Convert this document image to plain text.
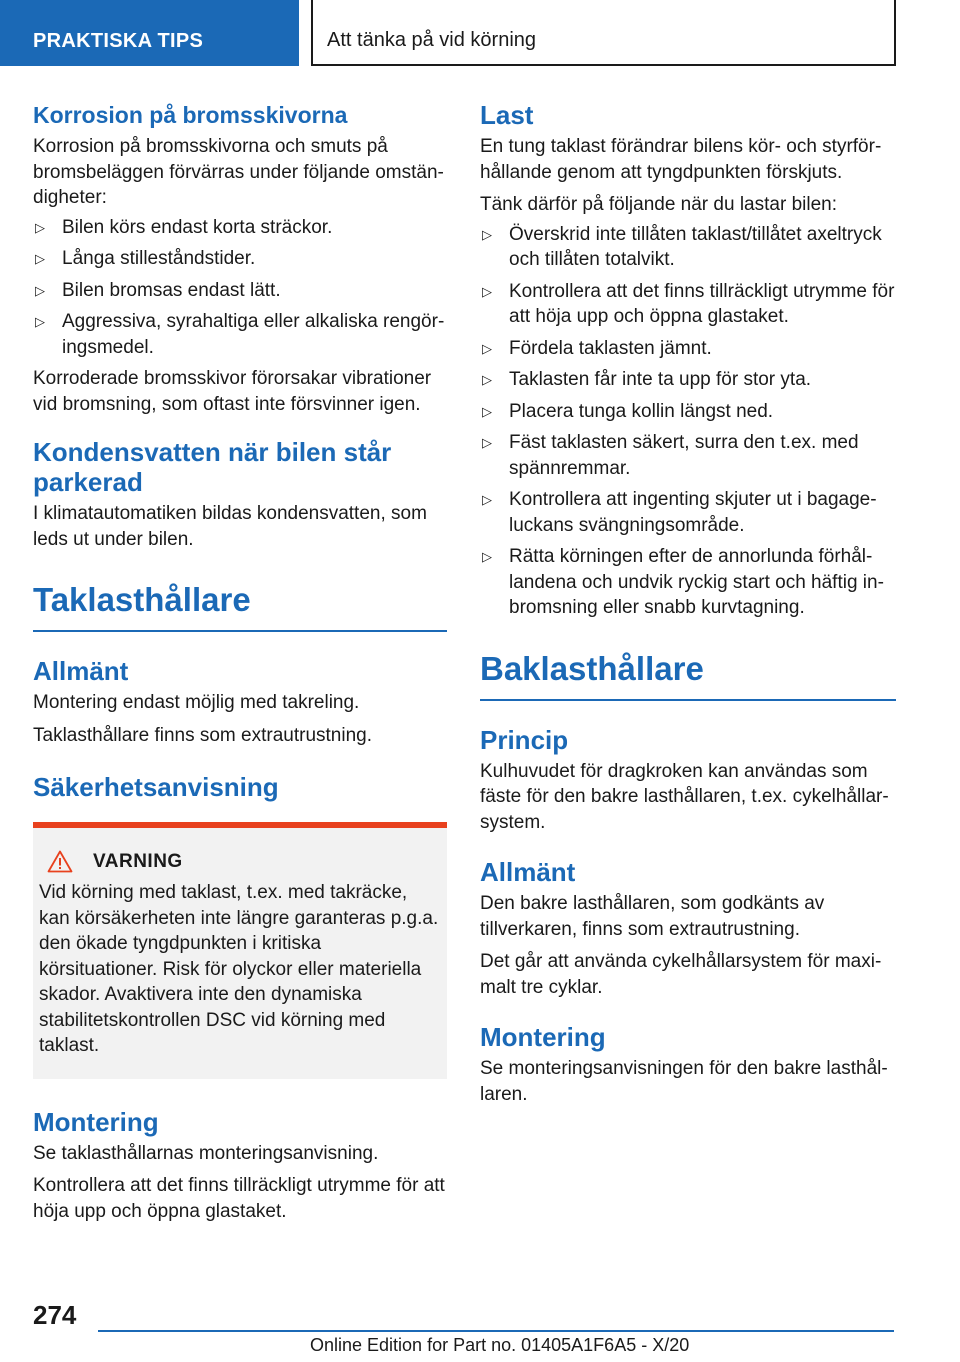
PRAKTISKA TIPS	Att tänka på vid körning
Korrosion på bromsskivorna

Korrosion på bromsskivorna och smuts på bromsbeläggen förvärras under följande omständigheter:

▷ Bilen körs endast korta sträckor.
▷ Långa stilleståndstider.
▷ Bilen bromsas endast lätt.
▷ Aggressiva, syrahaltiga eller alkaliska rengöringsmedel.

Korroderade bromsskivor förorsakar vibrationer vid bromsning, som oftast inte försvinner igen.

Kondensvatten när bilen står parkerad

I klimatautomatiken bildas kondensvatten, som leds ut under bilen.

Taklasthållare
Allmänt

Montering endast möjlig med takreling.

Taklasthållare finns som extrautrustning.

Säkerhetsanvisning
VARNING

Vid körning med taklast, t.ex. med takräcke, kan körsäkerheten inte längre garanteras p.g.a. den ökade tyngdpunkten i kritiska körsituationer. Risk för olyckor eller materiella skador. Avaktivera inte den dynamiska stabilitetskontrollen DSC vid körning med taklast.

Montering

Se taklasthållarnas monteringsanvisning.

Kontrollera att det finns tillräckligt utrymme för att höja upp och öppna glastaket.

Last

En tung taklast förändrar bilens kör- och styrförhållande genom att tyngdpunkten förskjuts.

Tänk därför på följande när du lastar bilen:

▷ Överskrid inte tillåten taklast/tillåtet axeltryck och tillåten totalvikt.
▷ Kontrollera att det finns tillräckligt utrymme för att höja upp och öppna glastaket.
▷ Fördela taklasten jämnt.
▷ Taklasten får inte ta upp för stor yta.
▷ Placera tunga kollin längst ned.
▷ Fäst taklasten säkert, surra den t.ex. med spännremmar.
▷ Kontrollera att ingenting skjuter ut i bagageluckans svängningsområde.
▷ Rätta körningen efter de annorlunda förhållandena och undvik ryckig start och häftig inbromsning eller snabb kurvtagning.
Baklasthållare
Princip

Kulhuvudet för dragkroken kan användas som fäste för den bakre lasthållaren, t.ex. cykelhållarsystem.

Allmänt

Den bakre lasthållaren, som godkänts av tillverkaren, finns som extrautrustning.

Det går att använda cykelhållarsystem för maximalt tre cyklar.

Montering

Se monteringsanvisningen för den bakre lasthållaren.

274
Online Edition for Part no. 01405A1F6A5 - X/20
